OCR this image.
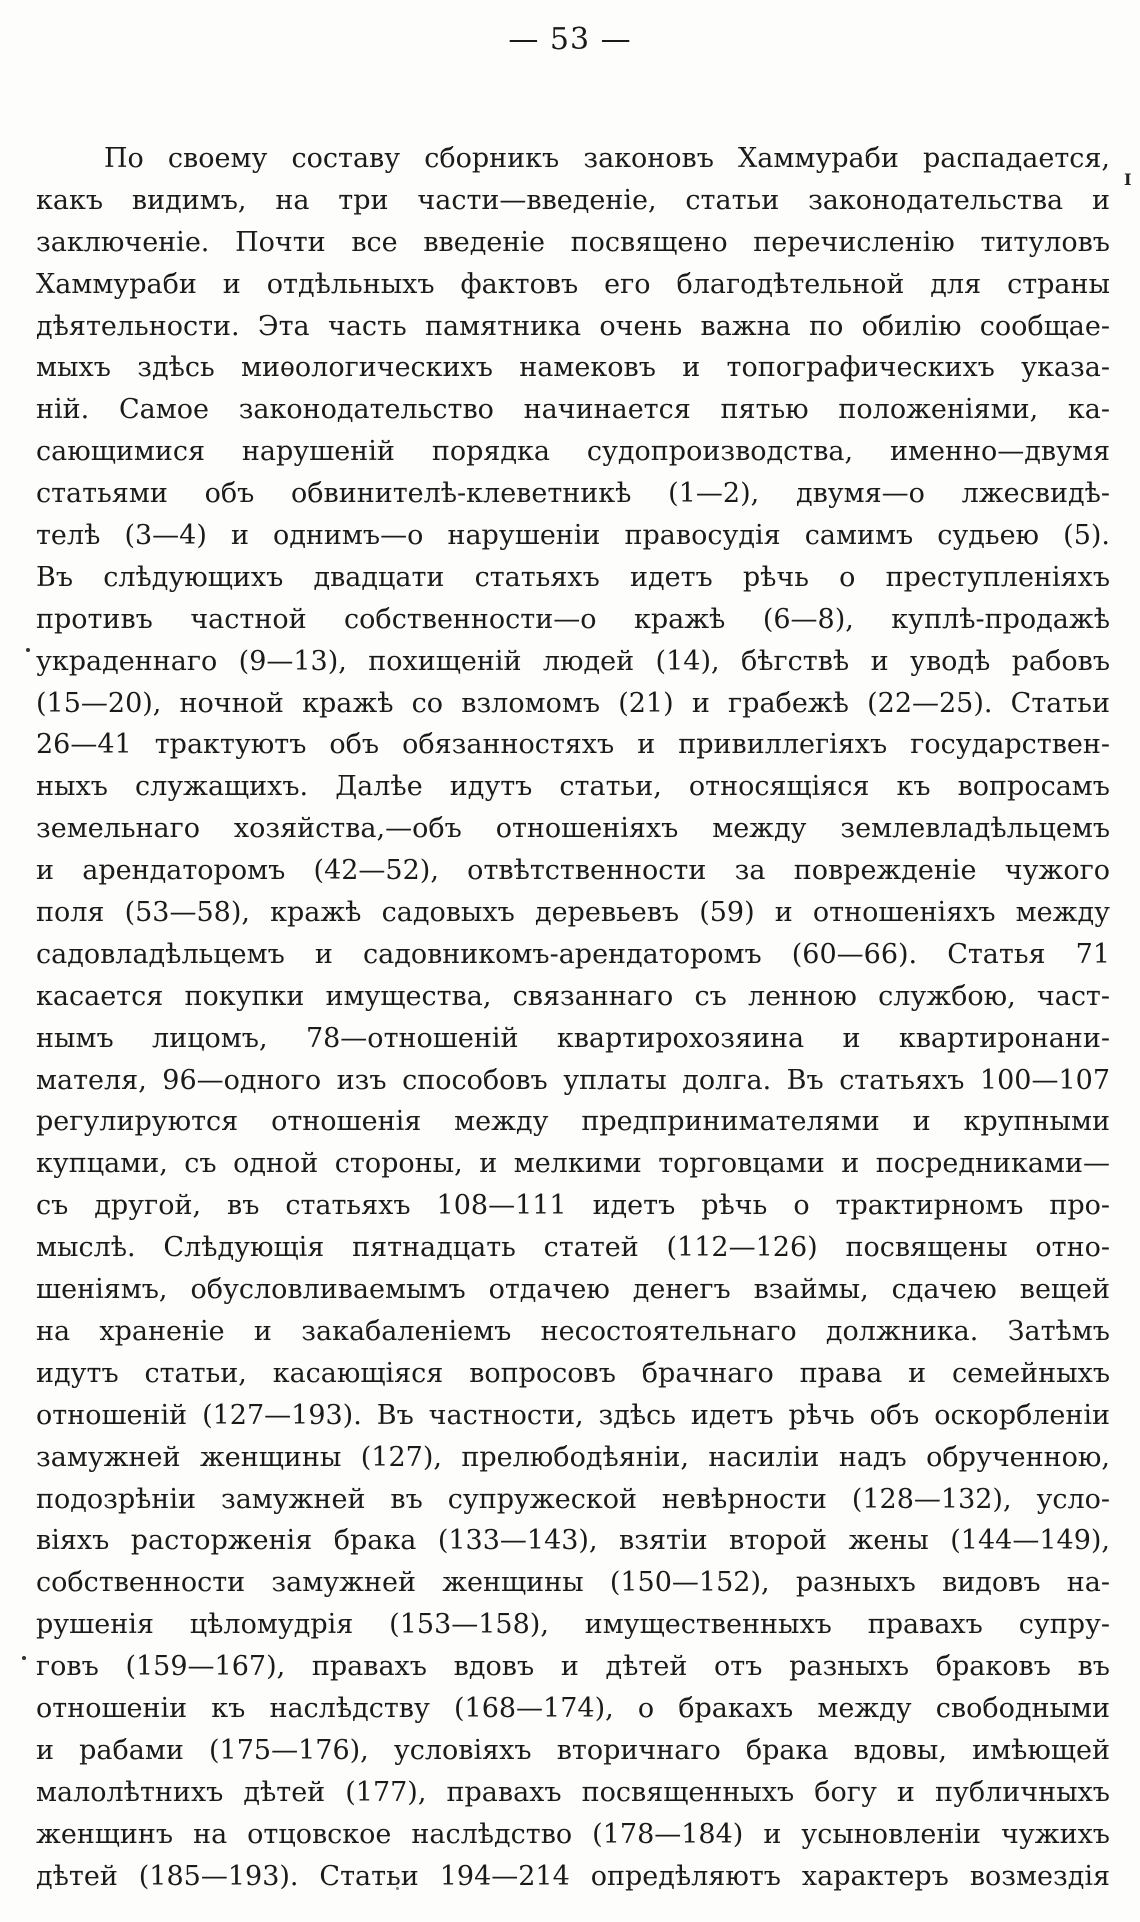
— 53 —
I
По своему составу сборникъ законовъ Хаммураби распадается,
какъ видимъ, на три части—введеніе, статьи законодательства и
заключеніе. Почти все введеніе посвящено перечисленію титуловъ
Хаммураби и отдѣльныхъ фактовъ его благодѣтельной для страны
дѣятельности. Эта часть памятника очень важна по обилію сообщае-
мыхъ здѣсь миѳологическихъ намековъ и топографическихъ указа-
ній. Самое законодательство начинается пятью положеніями, ка-
сающимися нарушеній порядка судопроизводства, именно—двумя
статьями объ обвинителѣ-клеветникѣ (1—2), двумя—о лжесвидѣ-
телѣ (3—4) и однимъ—о нарушеніи правосудія самимъ судьею (5).
Въ слѣдующихъ двадцати статьяхъ идетъ рѣчь о преступленіяхъ
противъ частной собственности—о кражѣ (6—8), куплѣ-продажѣ
украденнаго (9—13), похищеній людей (14), бѣгствѣ и уводѣ рабовъ
(15—20), ночной кражѣ со взломомъ (21) и грабежѣ (22—25). Статьи
26—41 трактуютъ объ обязанностяхъ и привиллегіяхъ государствен-
ныхъ служащихъ. Далѣе идутъ статьи, относящіяся къ вопросамъ
земельнаго хозяйства,—объ отношеніяхъ между землевладѣльцемъ
и арендаторомъ (42—52), отвѣтственности за поврежденіе чужого
поля (53—58), кражѣ садовыхъ деревьевъ (59) и отношеніяхъ между
садовладѣльцемъ и садовникомъ-арендаторомъ (60—66). Статья 71
касается покупки имущества, связаннаго съ ленною службою, част-
нымъ лицомъ, 78—отношеній квартирохозяина и квартиронани-
мателя, 96—одного изъ способовъ уплаты долга. Въ статьяхъ 100—107
регулируются отношенія между предпринимателями и крупными
купцами, съ одной стороны, и мелкими торговцами и посредниками—
съ другой, въ статьяхъ 108—111 идетъ рѣчь о трактирномъ про-
мыслѣ. Слѣдующія пятнадцать статей (112—126) посвящены отно-
шеніямъ, обусловливаемымъ отдачею денегъ взаймы, сдачею вещей
на храненіе и закабаленіемъ несостоятельнаго должника. Затѣмъ
идутъ статьи, касающіяся вопросовъ брачнаго права и семейныхъ
отношеній (127—193). Въ частности, здѣсь идетъ рѣчь объ оскорбленіи
замужней женщины (127), прелюбодѣяніи, насиліи надъ обрученною,
подозрѣніи замужней въ супружеской невѣрности (128—132), усло-
віяхъ расторженія брака (133—143), взятіи второй жены (144—149),
собственности замужней женщины (150—152), разныхъ видовъ на-
рушенія цѣломудрія (153—158), имущественныхъ правахъ супру-
говъ (159—167), правахъ вдовъ и дѣтей отъ разныхъ браковъ въ
отношеніи къ наслѣдству (168—174), о бракахъ между свободными
и рабами (175—176), условіяхъ вторичнаго брака вдовы, имѣющей
малолѣтнихъ дѣтей (177), правахъ посвященныхъ богу и публичныхъ
женщинъ на отцовское наслѣдство (178—184) и усыновленіи чужихъ
дѣтей (185—193). Статьи 194—214 опредѣляютъ характеръ возмездія
